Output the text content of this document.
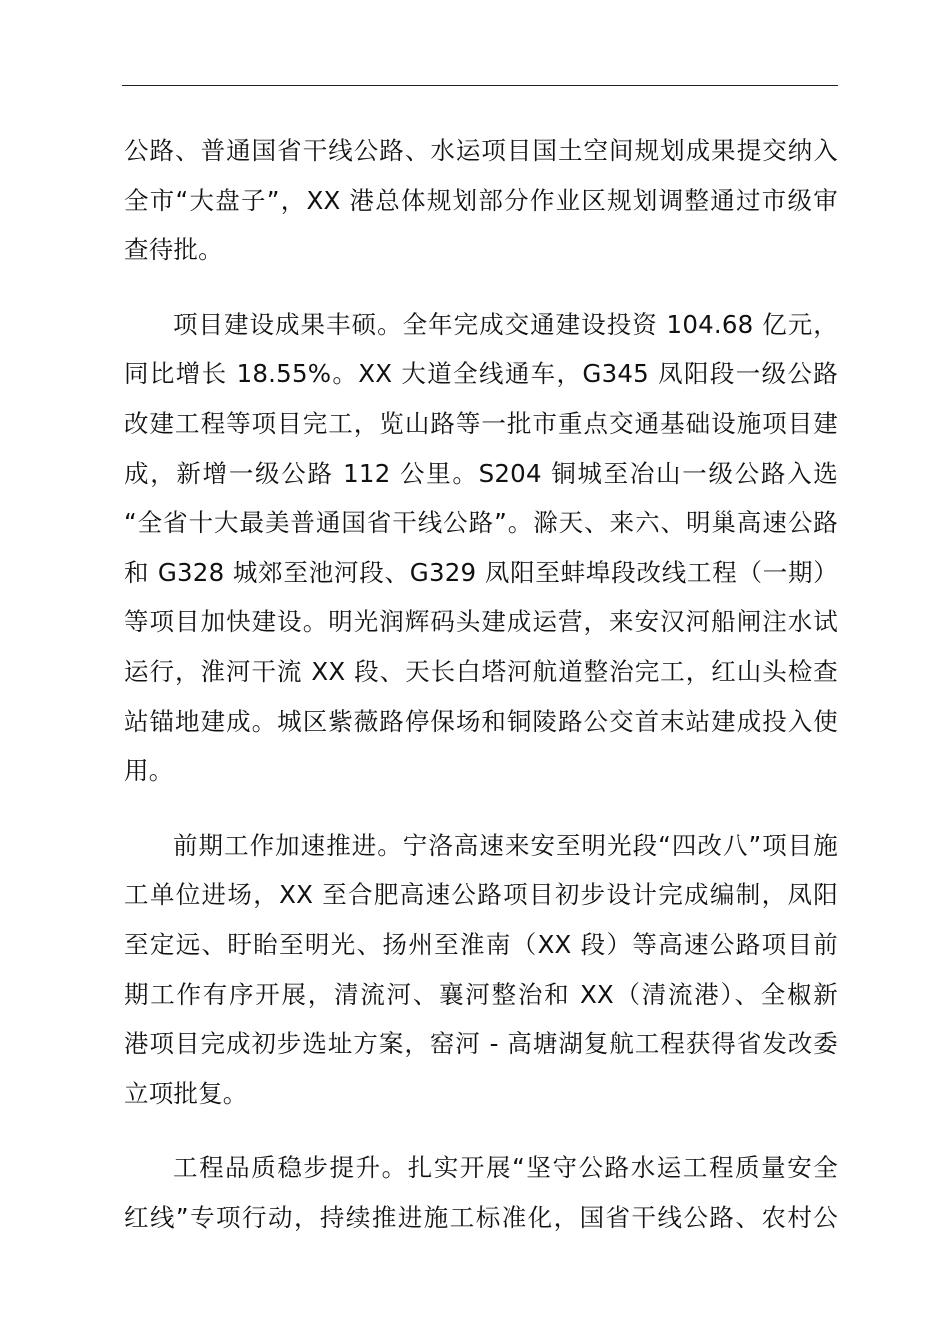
公路、普通国省干线公路、水运项目国土空间规划成果提交纳入
全市“大盘子”，XX 港总体规划部分作业区规划调整通过市级审
查待批。

项目建设成果丰硕。全年完成交通建设投资 104.68 亿元，
同比增长 18.55%。XX 大道全线通车，G345 凤阳段一级公路
改建工程等项目完工，览山路等一批市重点交通基础设施项目建
成，新增一级公路 112 公里。S204 铜城至冶山一级公路入选
“全省十大最美普通国省干线公路”。滁天、来六、明巢高速公路
和 G328 城郊至池河段、G329 凤阳至蚌埠段改线工程（一期）
等项目加快建设。明光润辉码头建成运营，来安汉河船闸注水试
运行，淮河干流 XX 段、天长白塔河航道整治完工，红山头检查
站锚地建成。城区紫薇路停保场和铜陵路公交首末站建成投入使
用。

前期工作加速推进。宁洛高速来安至明光段“四改八”项目施
工单位进场，XX 至合肥高速公路项目初步设计完成编制，凤阳
至定远、盱眙至明光、扬州至淮南（XX 段）等高速公路项目前
期工作有序开展，清流河、襄河整治和 XX（清流港）、全椒新
港项目完成初步选址方案，窑河 - 高塘湖复航工程获得省发改委
立项批复。

工程品质稳步提升。扎实开展“坚守公路水运工程质量安全
红线”专项行动，持续推进施工标准化，国省干线公路、农村公
